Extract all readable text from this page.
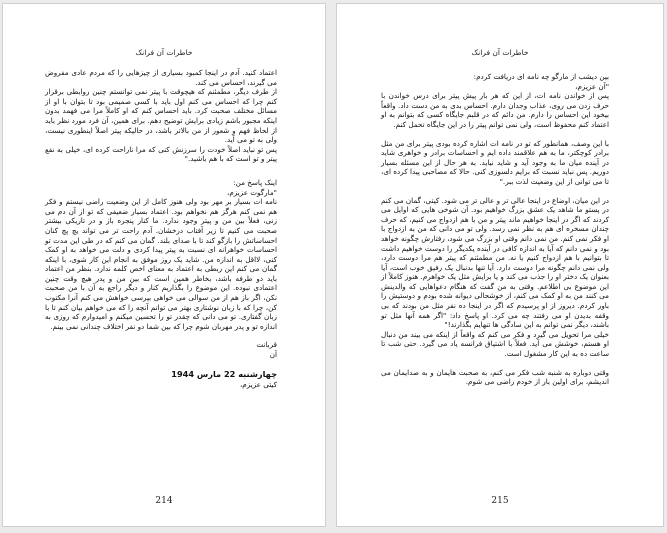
خاطرات آن فرانک

اعتماد کنید. آدم در اینجا کمبود بسیاری از چیزهایی را که مردم عادی مفروض می گیرند، احساس می کند.

از طرف دیگر، مطمئنم که هیچوقت با پیتر نمی توانستم چنین روابطی برقرار کنم چرا که احساس می کنم اول باید با کسی صمیمی بود تا بتوان با او از مسائل مختلف صحبت کرد. باید احساس کنم که او کاملاً مرا می فهمد بدون اینکه مجبور باشم زیادی برایش توضیح دهم. برای همین، آن فرد مورد نظر باید از لحاظ فهم و شعور از من بالاتر باشد، در حالیکه پیتر اصلاً اینطوری نیست، ولی به تو می آید.

پس تو نباید اصلاً خودت را سرزنش کنی که مرا ناراحت کرده ای، خیلی به نفع پیتر و تو است که با هم باشید."

اینک پاسخ من:

"مارگوت عزیزم،

نامه ات بسیار بر مهر بود ولی هنوز کامل از این وضعیت راضی نیستم و فکر هم نمی کنم هرگز هم نخواهم بود. اعتماد بسیار ضعیفی که تو از آن دم می زنی، فعلاً بین من و پیتر وجود ندارد. ما کنار پنجره باز و در تاریکی بیشتر صحبت می کنیم تا زیر آفتاب درخشان. آدم راحت تر می تواند یچ پچ کنان احساساتش را بازگو کند تا با صدای بلند. گمان می کنم که در طی این مدت تو احساسات خواهرانه ای نسبت به پیتر پیدا کردی و دلت می خواهد به او کمک کنی، لااقل به اندازه من. شاید یک روز موفق به انجام این کار شوی، با اینکه گمان می کنم این ربطی به اعتماد به معنای اخص کلمه ندارد. بنظر من اعتماد باید دو طرفه باشد، بخاطر همین است که بین من و پدر هیچ وقت چنین اعتمادی نبوده. این موضوع را بگذاریم کنار و دیگر راجع به آن با من صحبت نکن، اگر باز هم از من سوالی می خواهی بپرسی خواهش می کنم آنرا مکتوب کن، چرا که با زبان نوشتاری بهتر می توانم آنچه را که می خواهم بیان کنم تا با زبان گفتاری. تو می دانی که چقدر تو را تحسین میکنم و امیدوارم که روزی به اندازه تو و پدر مهربان شوم چرا که بین شما دو نفر اختلاف چندانی نمی بینم.

قربانت

آن

چهارشنبه 22 مارس 1944

کیتی عزیزم،

214
خاطرات آن فرانک

بین دیشب از مارگو چه نامه ای دریافت کردم:

"آن عزیزم،

پس از خواندن نامه ات، از این که هر بار پیش پیتر برای درس خواندن با حرف زدن می روی، عذاب وجدان دارم. احساس بدی به من دست داد. واقعاً بیخود این احساس را دارم. من دائم که در قلبم جایگاه کسی که بتوانم به او اعتماد کنم محفوظ است، ولی نمی توانم پیتر را در این جایگاه تحمل کنم.

با این وصف، همانطور که تو در نامه ات اشاره کرده بودی پیتر برای من مثل برادر کوچکتر، ما به هم علاقمند داده ایم و احساسات برادر و خواهری شاید در آینده میان ما به وجود آید و شاید نیاید. به هر حال از این مسئله بسیار دوریم. پس نباید نسبت که برایم دلسوزی کنی. حالا که مصاحبی پیدا کرده ای، تا می توانی از این وضعیت لذت ببر."

در این میان، اوضاع در اینجا عالی تر و عالی تر می شود. کیتی، گمان می کنم در پستو ما شاهد یک عشق بزرگ خواهیم بود. آن شوخی هایی که اوایل می کردند که اگر در اینجا خواهیم ماند پیتر و من با هم ازدواج می کنیم، که حرف چندان مسخره ای هم به نظر نمی رسد. ولی تو می دانی که من به ازدواج با او فکر نمی کنم. من نمی دانم وقتی او بزرگ می شود، رفتارش چگونه خواهد بود و نمی دانم که آیا به اندازه کافی در آینده یکدیگر را دوست خواهیم داشت تا بتوانیم با هم ازدواج کنیم یا نه. من مطمئنم که پیتر هم مرا دوست دارد، ولی نمی دانم چگونه مرا دوست دارد. آیا تنها بدنبال یک رفیق خوب است، آیا بعنوان یک دختر او را جذب می کند و یا برایش مثل یک خواهرم. هنوز کاملاً از این موضوع بی اطلاعم. وقتی به من گفت که هنگام دعواهایی که والدینش می کنند من به او کمک می کنم، از خوشحالی دیوانه شده بودم و دوستیش را باور کردم. دیروز از او پرسیدم که اگر در اینجا ده نفر مثل من بودند که بی وقفه بدیدن او می رفتند چه می کرد. او پاسخ داد: "اگر همه آنها مثل تو باشند، دیگر نمی توانم به این سادگی ها تنهایم بگذارند!"

خیلی مرا تحویل می گیرد و فکر می کنم که واقعاً از اینکه می بیند من دنبال او هستم، خوشش می آید. فعلاً با اشتیاق فرانسه یاد می گیرد. حتی شب تا ساعت ده به این کار مشغول است.

وقتی دوباره به شنبه شب فکر می کنم، به صحبت هایمان و به صدایمان می اندیشم، برای اولین بار از خودم راضی می شوم.

215
